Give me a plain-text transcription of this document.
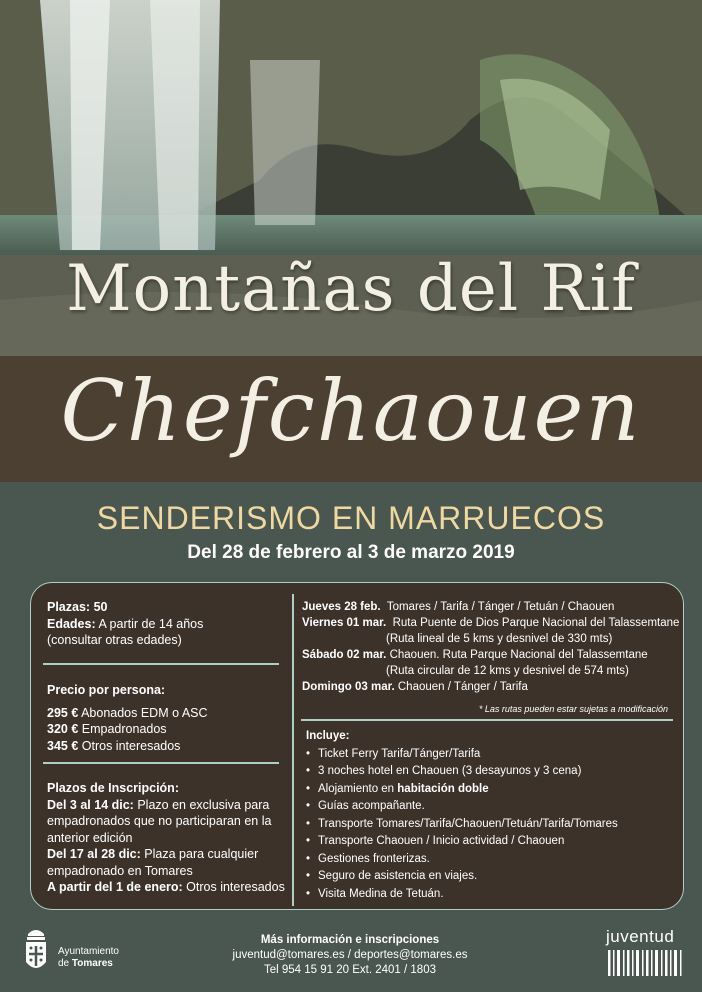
Montañas del Rif
Chefchaouen
SENDERISMO EN MARRUECOS
Del 28 de febrero al 3 de marzo 2019
Plazas: 50
Edades: A partir de 14 años
(consultar otras edades)
Precio por persona:
295 € Abonados EDM o ASC
320 € Empadronados
345 € Otros interesados
Plazos de Inscripción:
Del 3 al 14 dic: Plazo en exclusiva para empadronados que no participaran en la anterior edición
Del 17 al 28 dic: Plaza para cualquier empadronado en Tomares
A partir del 1 de enero: Otros interesados
Jueves 28 feb. Tomares / Tarifa / Tánger / Tetuán / Chaouen
Viernes 01 mar. Ruta Puente de Dios Parque Nacional del Talassemtane
(Ruta lineal de 5 kms y desnivel de 330 mts)
Sábado 02 mar. Chaouen. Ruta Parque Nacional del Talassemtane
(Ruta circular de 12 kms y desnivel de 574 mts)
Domingo 03 mar. Chaouen / Tánger / Tarifa
* Las rutas pueden estar sujetas a modificación
Incluye:
• Ticket Ferry Tarifa/Tánger/Tarifa
• 3 noches hotel en Chaouen (3 desayunos y 3 cena)
• Alojamiento en habitación doble
• Guías acompañante.
• Transporte Tomares/Tarifa/Chaouen/Tetuán/Tarifa/Tomares
• Transporte Chaouen / Inicio actividad / Chaouen
• Gestiones fronterizas.
• Seguro de asistencia en viajes.
• Visita Medina de Tetuán.
Ayuntamiento
de Tomares
Más información e inscripciones
juventud@tomares.es / deportes@tomares.es
Tel 954 15 91 20 Ext. 2401 / 1803
juventud
